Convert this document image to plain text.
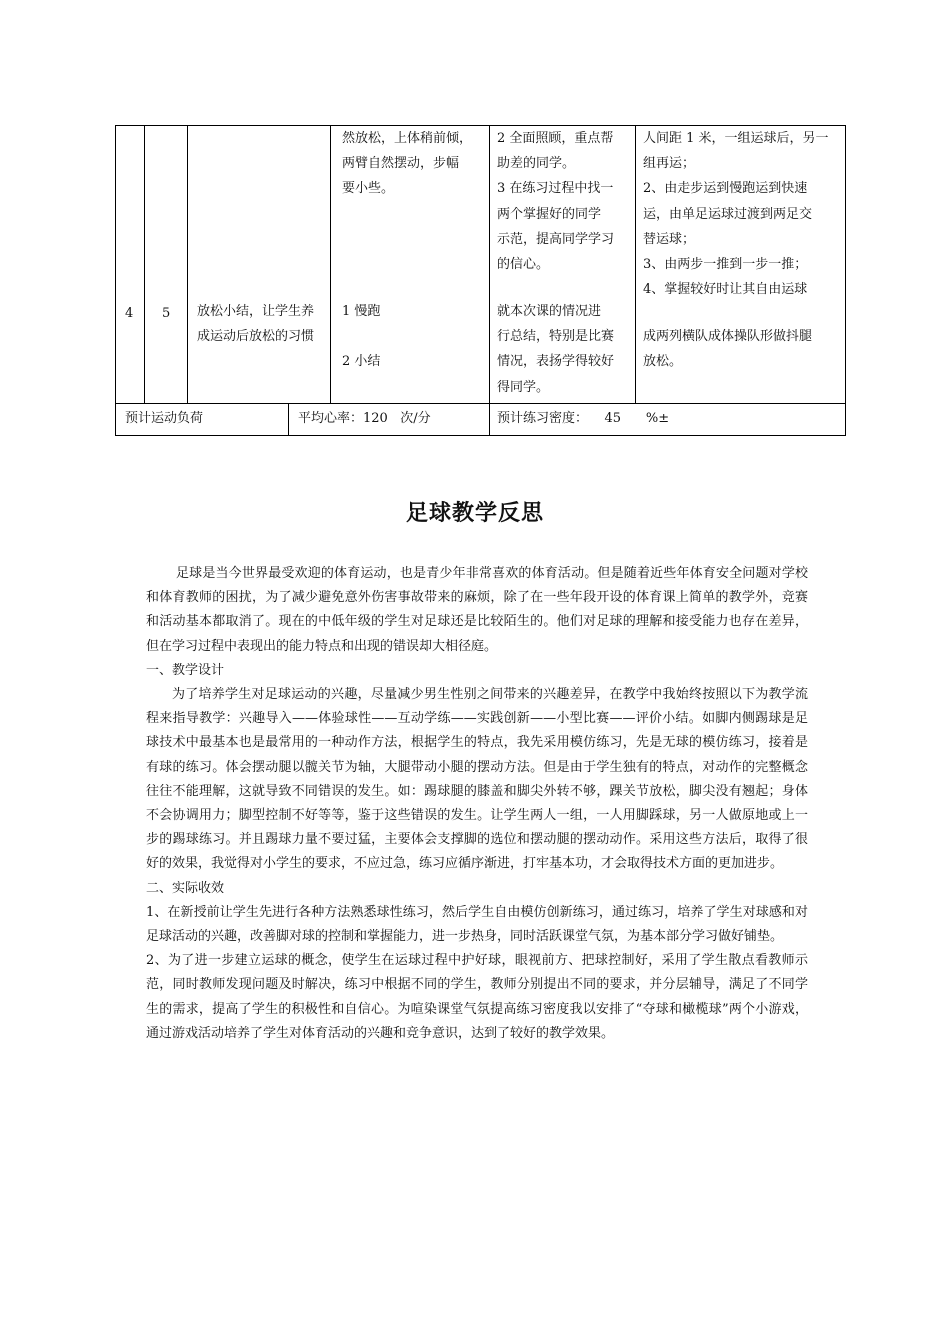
然放松，上体稍前倾，

两臂自然摆动，步幅

要小些。

2 全面照顾，重点帮

助差的同学。

3 在练习过程中找一

两个掌握好的同学

示范，提高同学学习

的信心。

人间距 1 米，一组运球后，另一

组再运；

2、由走步运到慢跑运到快速

运，由单足运球过渡到两足交

替运球；

3、由两步一推到一步一推；

4、掌握较好时让其自由运球

4 5 放松小结，让学生养

成运动后放松的习惯

1 慢跑

2 小结

就本次课的情况进

行总结，特别是比赛

情况，表扬学得较好

得同学。

成两列横队成体操队形做抖腿

放松。

预计运动负荷	平均心率：120   次/分	预计练习密度：    45      %±
足球教学反思

足球是当今世界最受欢迎的体育运动，也是青少年非常喜欢的体育活动。但是随着近些年体育安全问题对学校和体育教师的困扰，为了减少避免意外伤害事故带来的麻烦，除了在一些年段开设的体育课上简单的教学外，竞赛和活动基本都取消了。现在的中低年级的学生对足球还是比较陌生的。他们对足球的理解和接受能力也存在差异，但在学习过程中表现出的能力特点和出现的错误却大相径庭。

一、教学设计

为了培养学生对足球运动的兴趣，尽量减少男生性别之间带来的兴趣差异，在教学中我始终按照以下为教学流程来指导教学：兴趣导入——体验球性——互动学练——实践创新——小型比赛——评价小结。如脚内侧踢球是足球技术中最基本也是最常用的一种动作方法，根据学生的特点，我先采用模仿练习，先是无球的模仿练习，接着是有球的练习。体会摆动腿以髋关节为轴，大腿带动小腿的摆动方法。但是由于学生独有的特点，对动作的完整概念往往不能理解，这就导致不同错误的发生。如：踢球腿的膝盖和脚尖外转不够，踝关节放松，脚尖没有翘起；身体不会协调用力；脚型控制不好等等，鉴于这些错误的发生。让学生两人一组，一人用脚踩球，另一人做原地或上一步的踢球练习。并且踢球力量不要过猛，主要体会支撑脚的选位和摆动腿的摆动动作。采用这些方法后，取得了很好的效果，我觉得对小学生的要求，不应过急，练习应循序渐进，打牢基本功，才会取得技术方面的更加进步。

二、实际收效

1、在新授前让学生先进行各种方法熟悉球性练习，然后学生自由模仿创新练习，通过练习，培养了学生对球感和对足球活动的兴趣，改善脚对球的控制和掌握能力，进一步热身，同时活跃课堂气氛，为基本部分学习做好铺垫。

2、为了进一步建立运球的概念，使学生在运球过程中护好球，眼视前方、把球控制好，采用了学生散点看教师示范，同时教师发现问题及时解决，练习中根据不同的学生，教师分别提出不同的要求，并分层辅导，满足了不同学生的需求，提高了学生的积极性和自信心。为喧染课堂气氛提高练习密度我以安排了“夺球和橄榄球”两个小游戏，通过游戏活动培养了学生对体育活动的兴趣和竞争意识，达到了较好的教学效果。
